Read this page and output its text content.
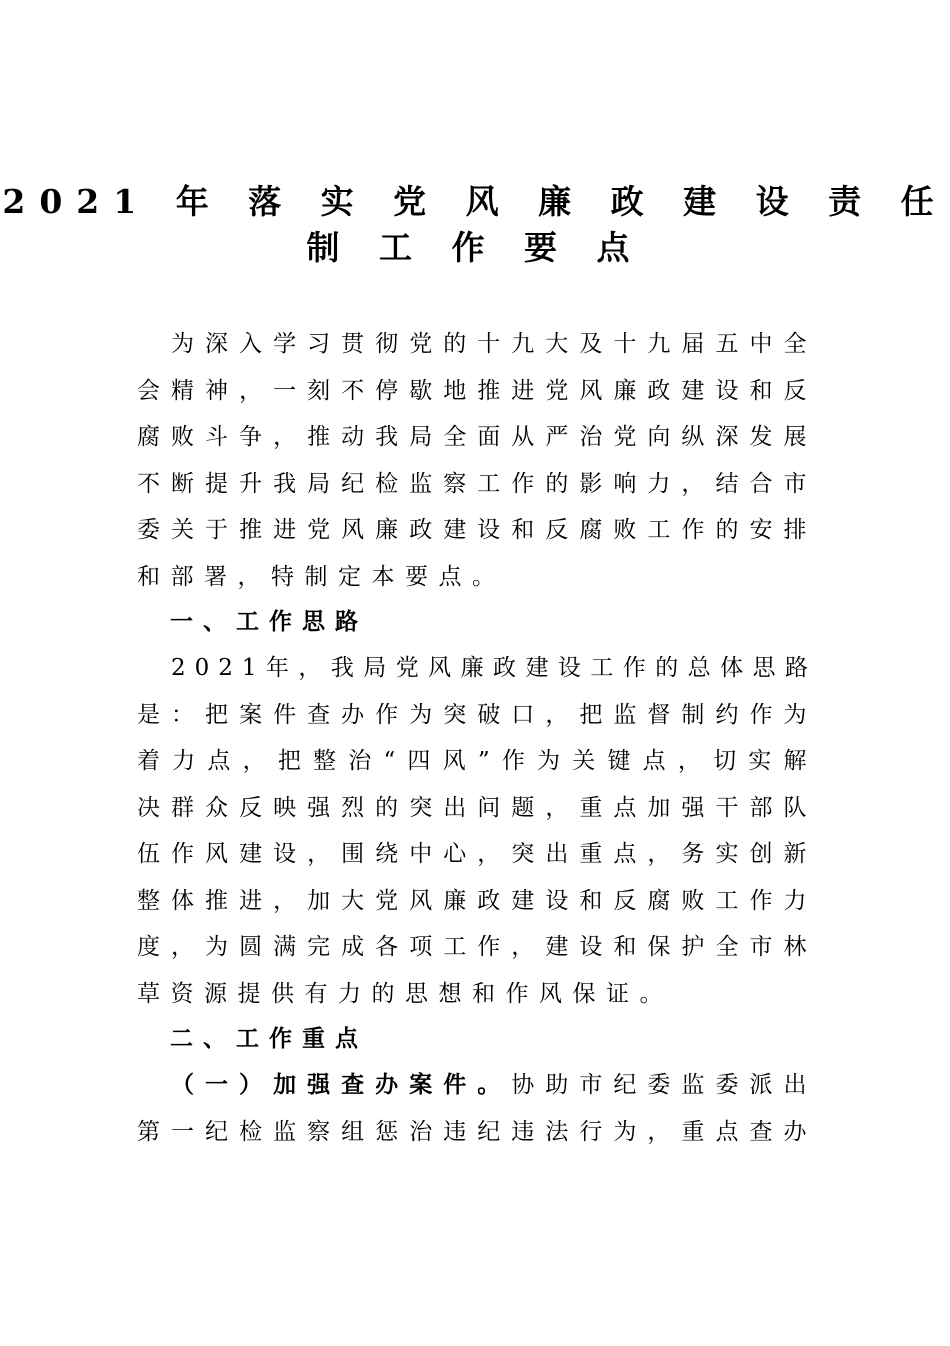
2021 年 落 实 党 风 廉 政 建 设 责 任
制 工 作 要 点
为深入学习贯彻党的十九大及十九届五中全
会精神，一刻不停歇地推进党风廉政建设和反
腐败斗争，推动我局全面从严治党向纵深发展
不断提升我局纪检监察工作的影响力，结合市
委关于推进党风廉政建设和反腐败工作的安排
和部署，特制定本要点。
一、工作思路
2021年，我局党风廉政建设工作的总体思路
是：把案件查办作为突破口，把监督制约作为
着力点，把整治“四风”作为关键点，切实解
决群众反映强烈的突出问题，重点加强干部队
伍作风建设，围绕中心，突出重点，务实创新
整体推进，加大党风廉政建设和反腐败工作力
度，为圆满完成各项工作，建设和保护全市林
草资源提供有力的思想和作风保证。
二、工作重点
（一）加强查办案件。协助市纪委监委派出
第一纪检监察组惩治违纪违法行为，重点查办
